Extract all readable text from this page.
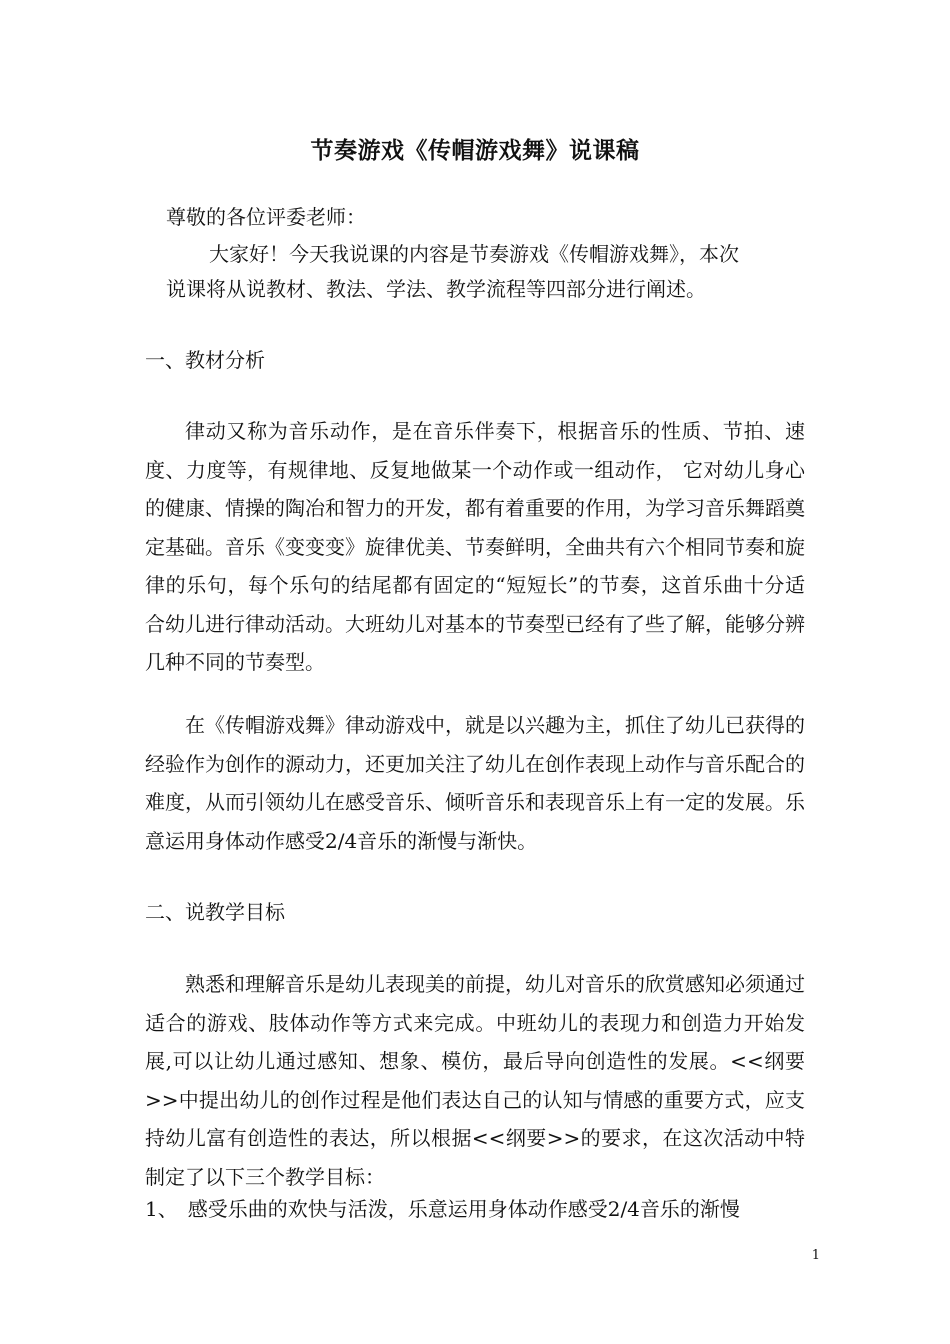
节奏游戏《传帽游戏舞》说课稿
尊敬的各位评委老师：
大家好！今天我说课的内容是节奏游戏《传帽游戏舞》，本次
说课将从说教材、教法、学法、教学流程等四部分进行阐述。
一、教材分析
律动又称为音乐动作，是在音乐伴奏下，根据音乐的性质、节拍、速度、力度等，有规律地、反复地做某一个动作或一组动作， 它对幼儿身心的健康、情操的陶冶和智力的开发，都有着重要的作用，为学习音乐舞蹈奠定基础。音乐《变变变》旋律优美、节奏鲜明，全曲共有六个相同节奏和旋律的乐句，每个乐句的结尾都有固定的“短短长”的节奏，这首乐曲十分适合幼儿进行律动活动。大班幼儿对基本的节奏型已经有了些了解，能够分辨几种不同的节奏型。
在《传帽游戏舞》律动游戏中，就是以兴趣为主，抓住了幼儿已获得的经验作为创作的源动力，还更加关注了幼儿在创作表现上动作与音乐配合的难度，从而引领幼儿在感受音乐、倾听音乐和表现音乐上有一定的发展。乐意运用身体动作感受2/4音乐的渐慢与渐快。
二、说教学目标
熟悉和理解音乐是幼儿表现美的前提，幼儿对音乐的欣赏感知必须通过适合的游戏、肢体动作等方式来完成。中班幼儿的表现力和创造力开始发展,可以让幼儿通过感知、想象、模仿，最后导向创造性的发展。<<纲要>>中提出幼儿的创作过程是他们表达自己的认知与情感的重要方式，应支持幼儿富有创造性的表达，所以根据<<纲要>>的要求，在这次活动中特制定了以下三个教学目标：
1、　感受乐曲的欢快与活泼，乐意运用身体动作感受2/4音乐的渐慢
1
